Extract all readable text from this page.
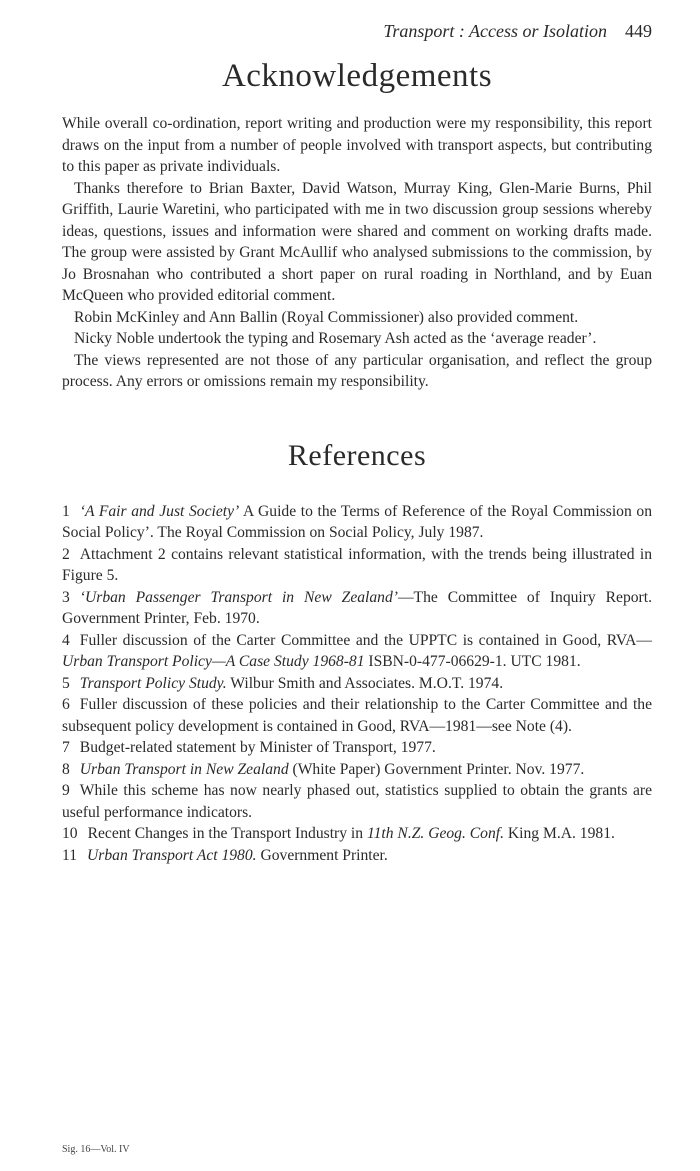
Transport : Access or Isolation 449
Acknowledgements

While overall co-ordination, report writing and production were my responsibility, this report draws on the input from a number of people involved with transport aspects, but contributing to this paper as private individuals.

Thanks therefore to Brian Baxter, David Watson, Murray King, Glen-Marie Burns, Phil Griffith, Laurie Waretini, who participated with me in two discussion group sessions whereby ideas, questions, issues and information were shared and comment on working drafts made. The group were assisted by Grant McAullif who analysed submissions to the commission, by Jo Brosnahan who contributed a short paper on rural roading in Northland, and by Euan McQueen who provided editorial comment.

Robin McKinley and Ann Ballin (Royal Commissioner) also provided comment.

Nicky Noble undertook the typing and Rosemary Ash acted as the ‘average reader’.

The views represented are not those of any particular organisation, and reflect the group process. Any errors or omissions remain my responsibility.

References

1 ‘A Fair and Just Society’ A Guide to the Terms of Reference of the Royal Commission on Social Policy’. The Royal Commission on Social Policy, July 1987.

2 Attachment 2 contains relevant statistical information, with the trends being illustrated in Figure 5.

3 ‘Urban Passenger Transport in New Zealand’—The Committee of Inquiry Report. Government Printer, Feb. 1970.

4 Fuller discussion of the Carter Committee and the UPPTC is contained in Good, RVA—Urban Transport Policy—A Case Study 1968-81 ISBN-0-477-06629-1. UTC 1981.

5 Transport Policy Study. Wilbur Smith and Associates. M.O.T. 1974.

6 Fuller discussion of these policies and their relationship to the Carter Committee and the subsequent policy development is contained in Good, RVA—1981—see Note (4).

7 Budget-related statement by Minister of Transport, 1977.

8 Urban Transport in New Zealand (White Paper) Government Printer. Nov. 1977.

9 While this scheme has now nearly phased out, statistics supplied to obtain the grants are useful performance indicators.

10 Recent Changes in the Transport Industry in 11th N.Z. Geog. Conf. King M.A. 1981.

11 Urban Transport Act 1980. Government Printer.

Sig. 16—Vol. IV
